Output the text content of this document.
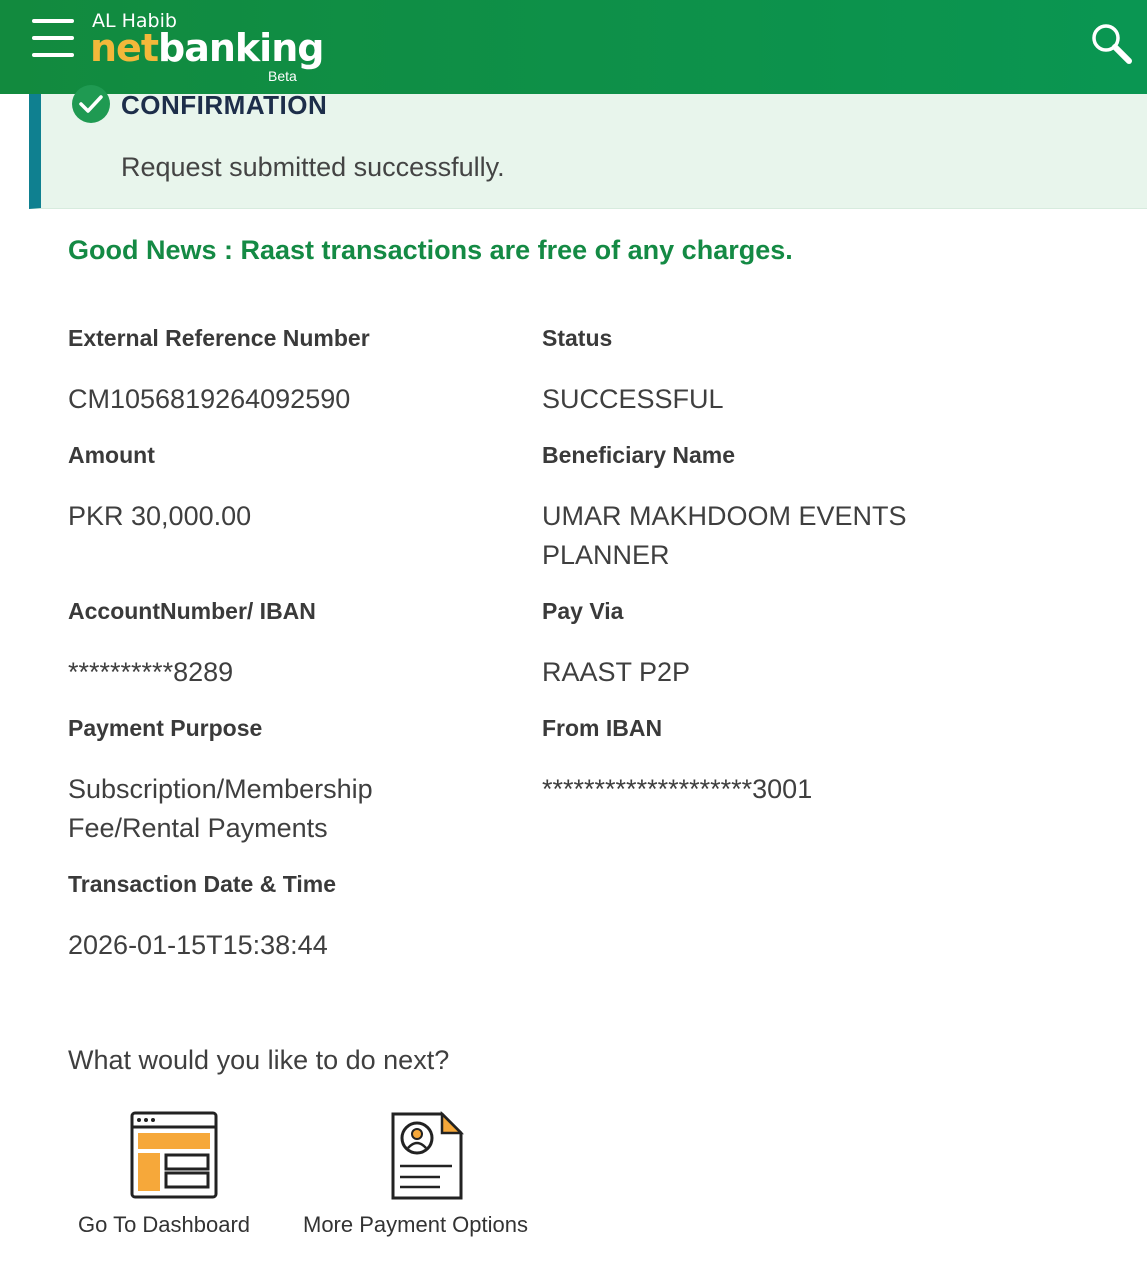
AL Habib
netbanking
Beta
CONFIRMATION
Request submitted successfully.
Good News : Raast transactions are free of any charges.
External Reference Number
CM1056819264092590
Status
SUCCESSFUL
Amount
PKR 30,000.00
Beneficiary Name
UMAR MAKHDOOM EVENTS PLANNER
AccountNumber/ IBAN
**********8289
Pay Via
RAAST P2P
Payment Purpose
Subscription/Membership Fee/Rental Payments
From IBAN
********************3001
Transaction Date & Time
2026-01-15T15:38:44
What would you like to do next?
Go To Dashboard More Payment Options
